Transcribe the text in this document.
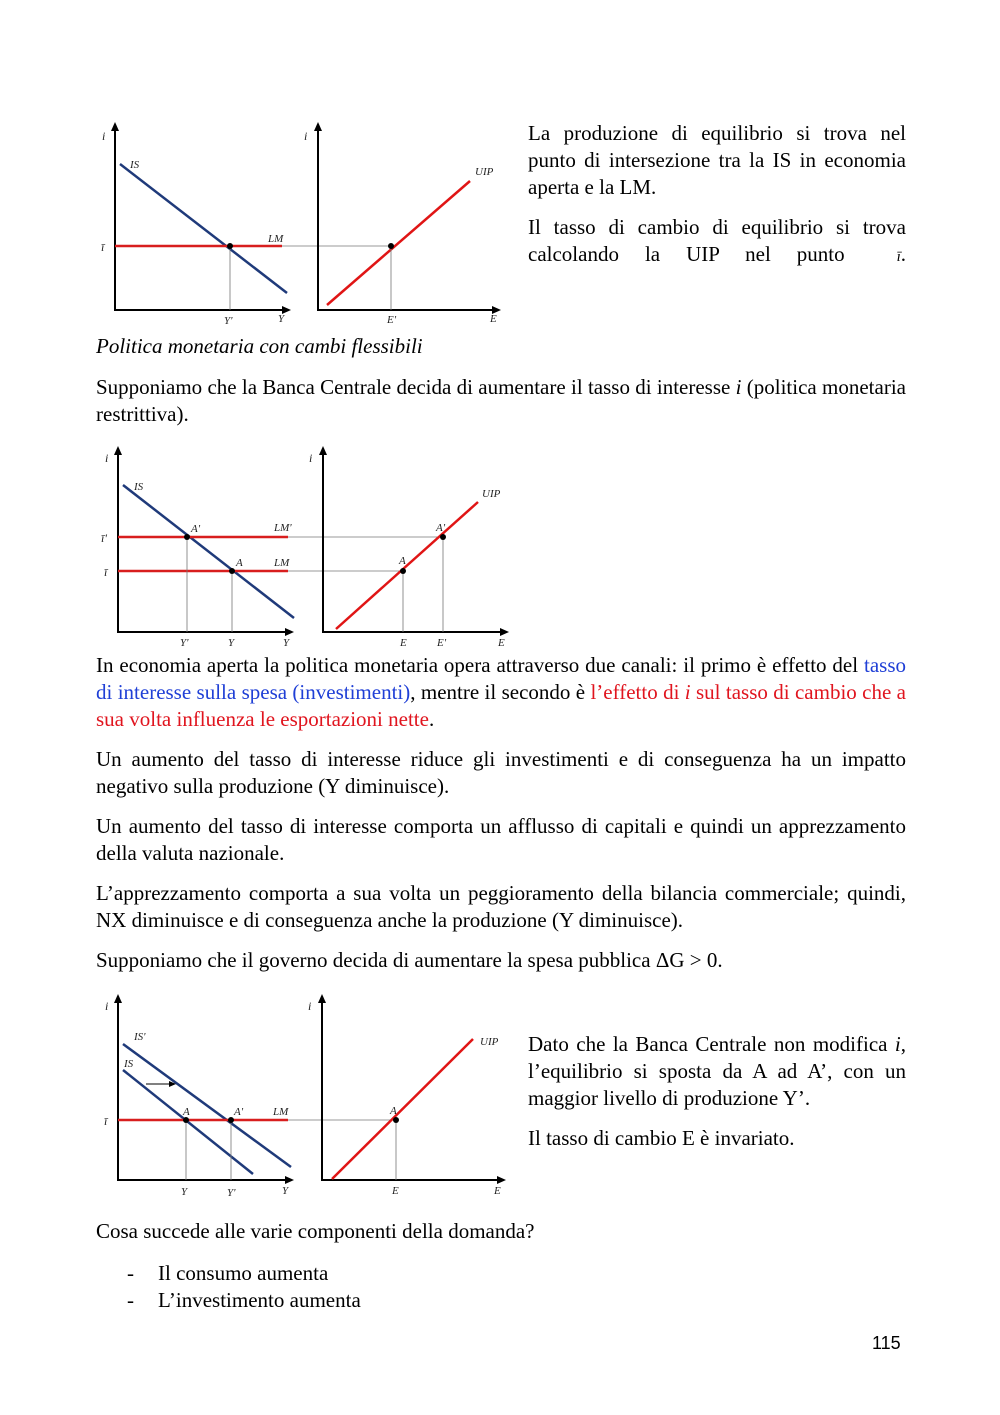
i
IS
LM
ī
Y'	Y
i
UIP
E'	E

La produzione di equilibrio si trova nel punto di intersezione tra la IS in economia aperta e la LM.

Il tasso di cambio di equilibrio si trova calcolando la UIP nel punto	ī.

Politica monetaria con cambi flessibili

Supponiamo che la Banca Centrale decida di aumentare il tasso di interesse i (politica monetaria restrittiva).

i
IS
LM'
LM
ī'
ī
A'
A
Y'	Y	Y
i
UIP
A'
A
E	E'	E

In economia aperta la politica monetaria opera attraverso due canali: il primo è effetto del tasso di interesse sulla spesa (investimenti), mentre il secondo è l’effetto di i sul tasso di cambio che a sua volta influenza le esportazioni nette.

Un aumento del tasso di interesse riduce gli investimenti e di conseguenza ha un impatto negativo sulla produzione (Y diminuisce).

Un aumento del tasso di interesse comporta un afflusso di capitali e quindi un apprezzamento della valuta nazionale.

L’apprezzamento comporta a sua volta un peggioramento della bilancia commerciale; quindi, NX diminuisce e di conseguenza anche la produzione (Y diminuisce).

Supponiamo che il governo decida di aumentare la spesa pubblica ΔG > 0.

i
IS'
IS
LM
ī
A	A'
Y	Y'	Y
i
UIP
A
E	E

Dato che la Banca Centrale non modifica i, l’equilibrio si sposta da A ad A’, con un maggior livello di produzione Y’.

Il tasso di cambio E è invariato.

Cosa succede alle varie componenti della domanda?

- Il consumo aumenta
- L’investimento aumenta
115
